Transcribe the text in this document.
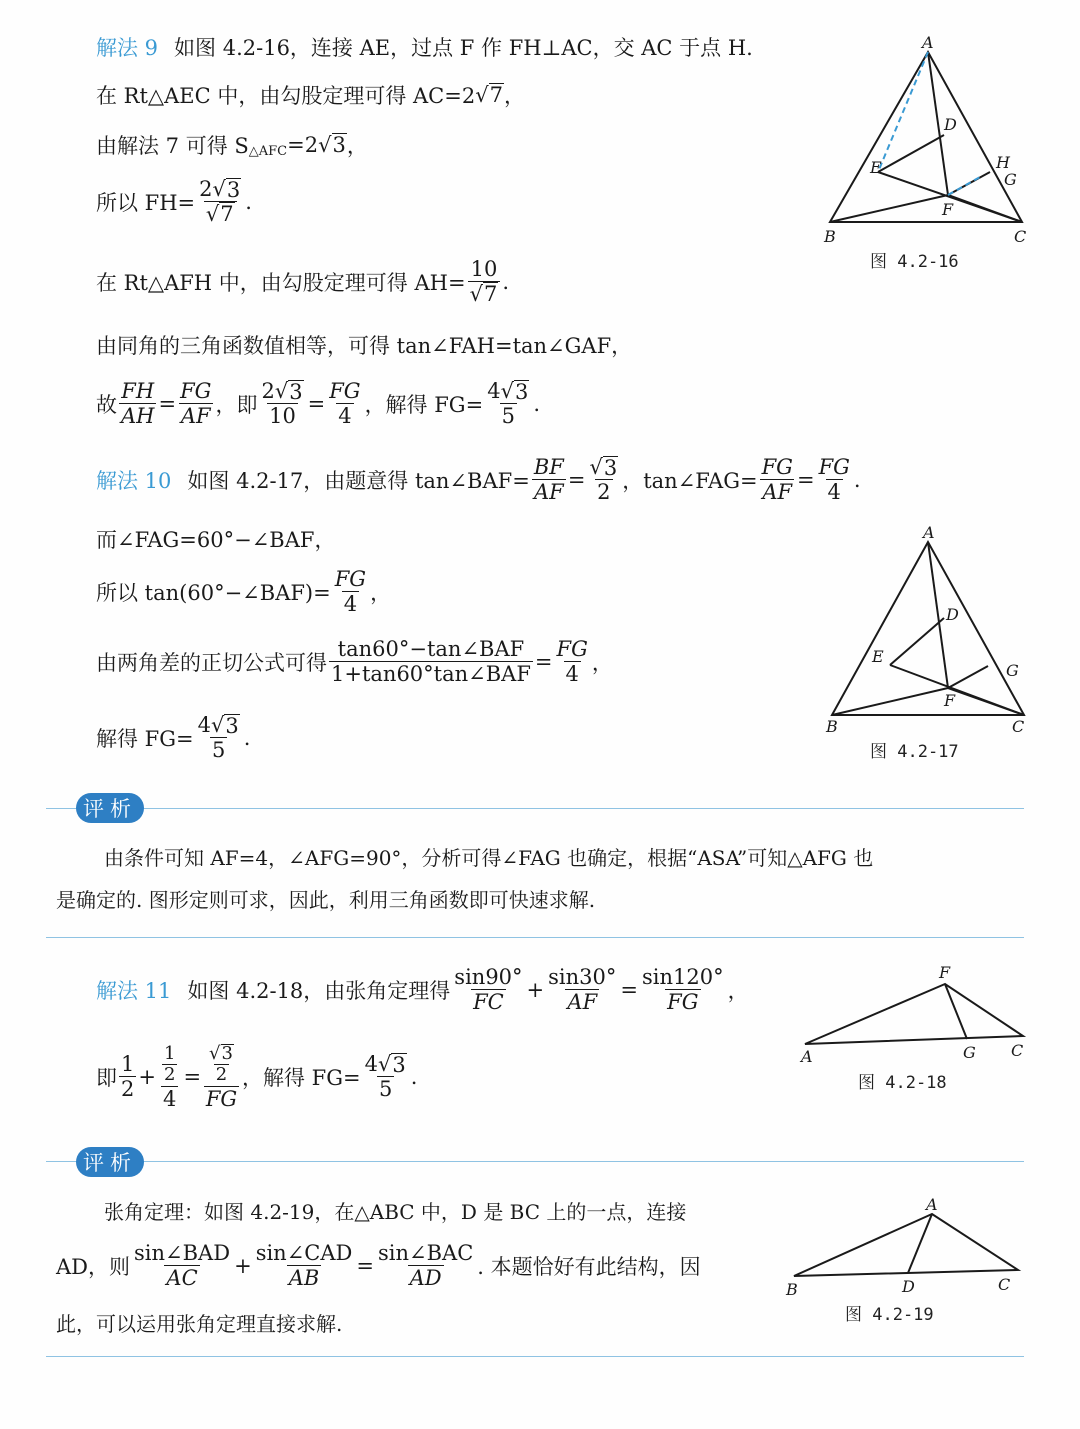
解法 9 如图 4.2-16，连接 AE，过点 F 作 FH⊥AC，交 AC 于点 H.
在 Rt△AEC 中，由勾股定理可得 AC=2 √ 7 ，
由解法 7 可得 $S_{\triangle AFC} =2$ √ 3 ，
所以 $FH= \frac{2√ 3}{√ 7}$ .
在 Rt△AFH 中，由勾股定理可得 $AH= \frac{10}{√ 7}$ .
由同角的三角函数值相等，可得 tan∠FAH=tan∠GAF，
故 $\frac{FH}{AH} = \frac{FG}{AF}$ ，即 $\frac{2√ 3}{10} = \frac{FG}{4}$ ，解得 $FG= \frac{4√ 3}{5}$ .
A
D
E	H
G
F
B	C
图 4.2-16
解法 10 如图 4.2-17，由题意得 tan∠BAF= $\frac{BF}{AF} = \frac{√ 3}{2}$ ，tan∠FAG= $\frac{FG}{AF} = \frac{FG}{4}$ .
而∠FAG=60°−∠BAF，
所以 tan(60°−∠BAF)= $\frac{FG}{4}$ ，
由两角差的正切公式可得 $\frac{\text{tan60°−tan∠BAF}}{\text{1+tan60°tan∠BAF}} = \frac{FG}{4}$ ，
解得 $FG= \frac{4√ 3}{5}$ .
A
D
E
G
F
B	C
图 4.2-17
评析
由条件可知 AF=4，∠AFG=90°，分析可得∠FAG 也确定，根据“ASA”可知△AFG 也
是确定的. 图形定则可求，因此，利用三角函数即可快速求解.
解法 11 如图 4.2-18，由张角定理得 $\frac{\sin 90^\circ}{FC} + \frac{\sin 30^\circ}{AF} = \frac{\sin 120^\circ}{FG}$ ，
即 $\frac{1}{2} + \frac{\frac{1}{2}}{4} = \frac{\frac{√ 3}{2}}{FG}$ ，解得 $FG= \frac{4√ 3}{5}$ .
F
A	G C
图 4.2-18
评析
张角定理：如图 4.2-19，在△ABC 中，D 是 BC 上的一点，连接
AD，则 $\frac{\text{sin∠BAD}}{AC} + \frac{\text{sin∠CAD}}{AB} = \frac{\text{sin∠BAC}}{AD}$ . 本题恰好有此结构，因
此，可以运用张角定理直接求解.
A
B	D	C
图 4.2-19
